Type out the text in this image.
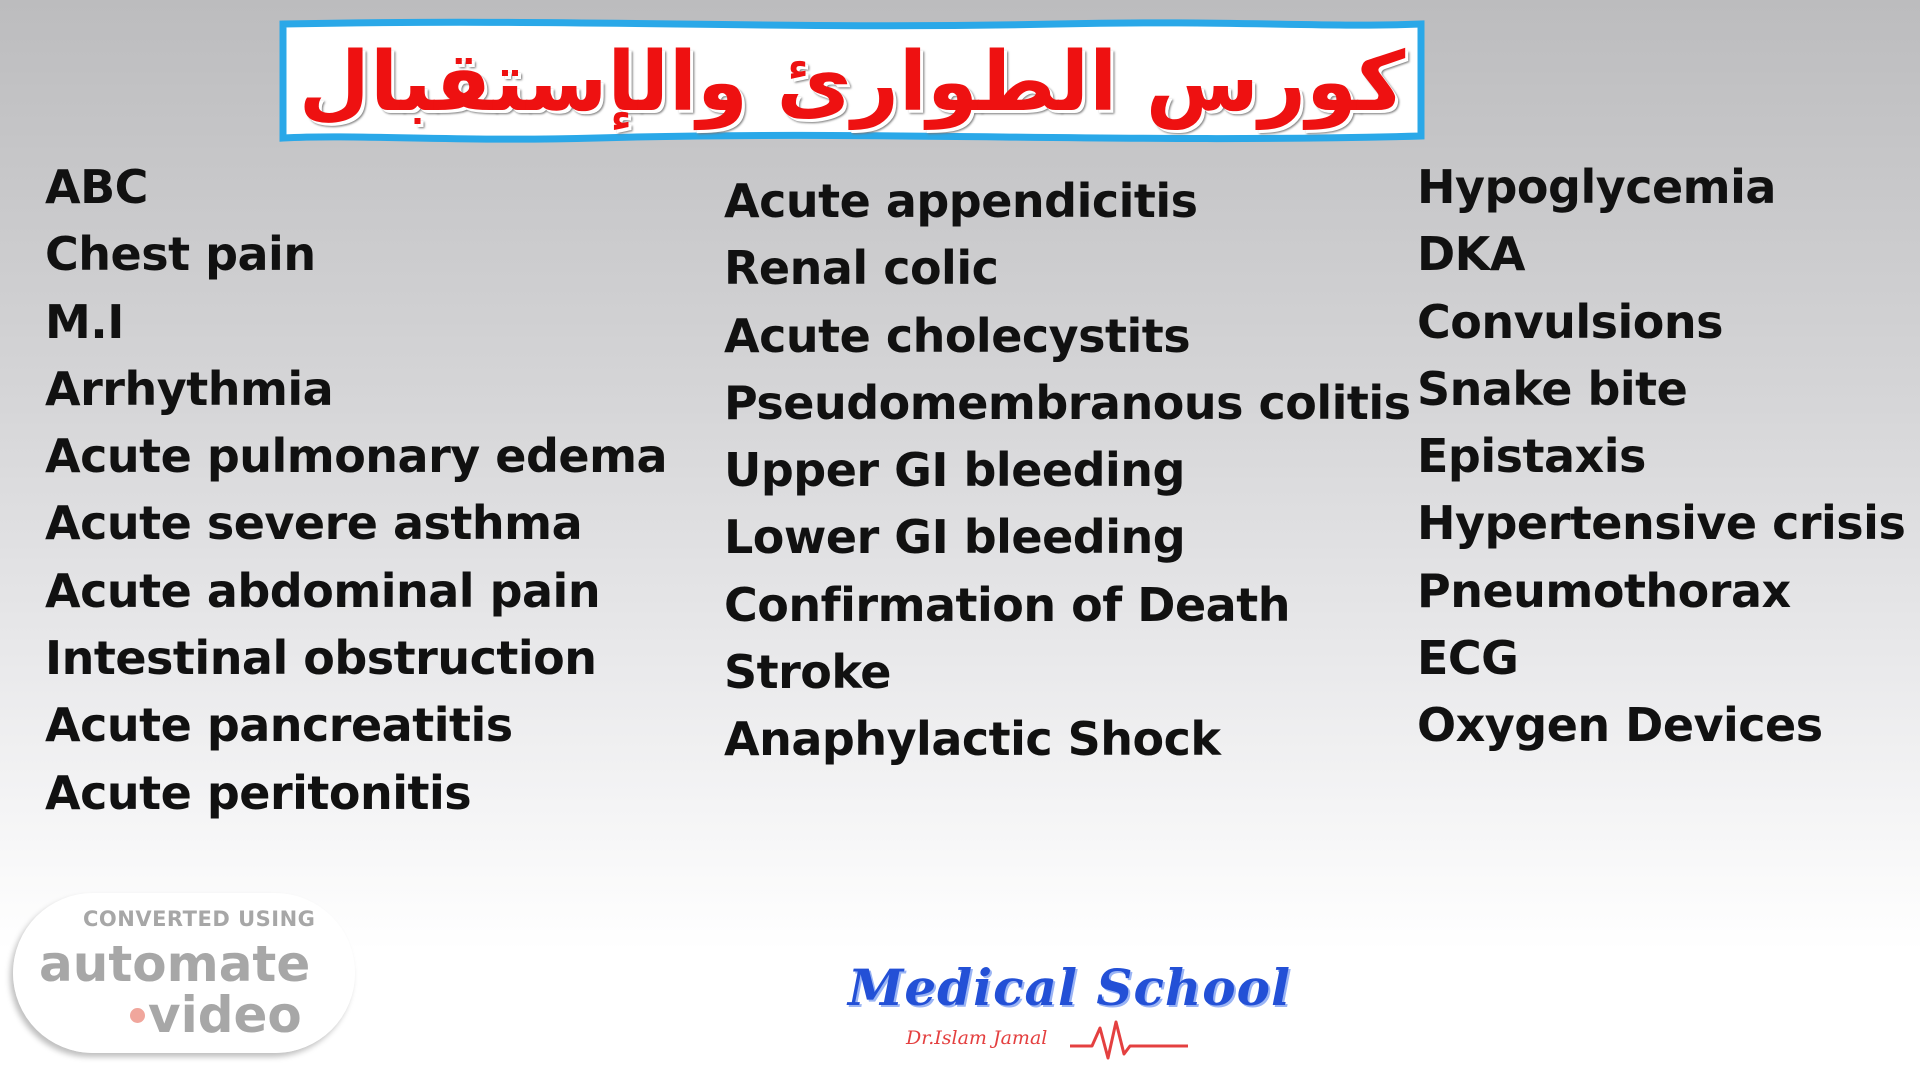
كورس الطوارئ والإستقبال
ABC
Chest pain
M.I
Arrhythmia
Acute pulmonary edema
Acute severe asthma
Acute abdominal pain
Intestinal obstruction
Acute pancreatitis
Acute peritonitis
Acute appendicitis
Renal colic
Acute cholecystits
Pseudomembranous colitis
Upper GI bleeding
Lower GI bleeding
Confirmation of Death
Stroke
Anaphylactic Shock
Hypoglycemia
DKA
Convulsions
Snake bite
Epistaxis
Hypertensive crisis
Pneumothorax
ECG
Oxygen Devices
CONVERTED USING
automate
video	Medical School
Dr.Islam Jamal
